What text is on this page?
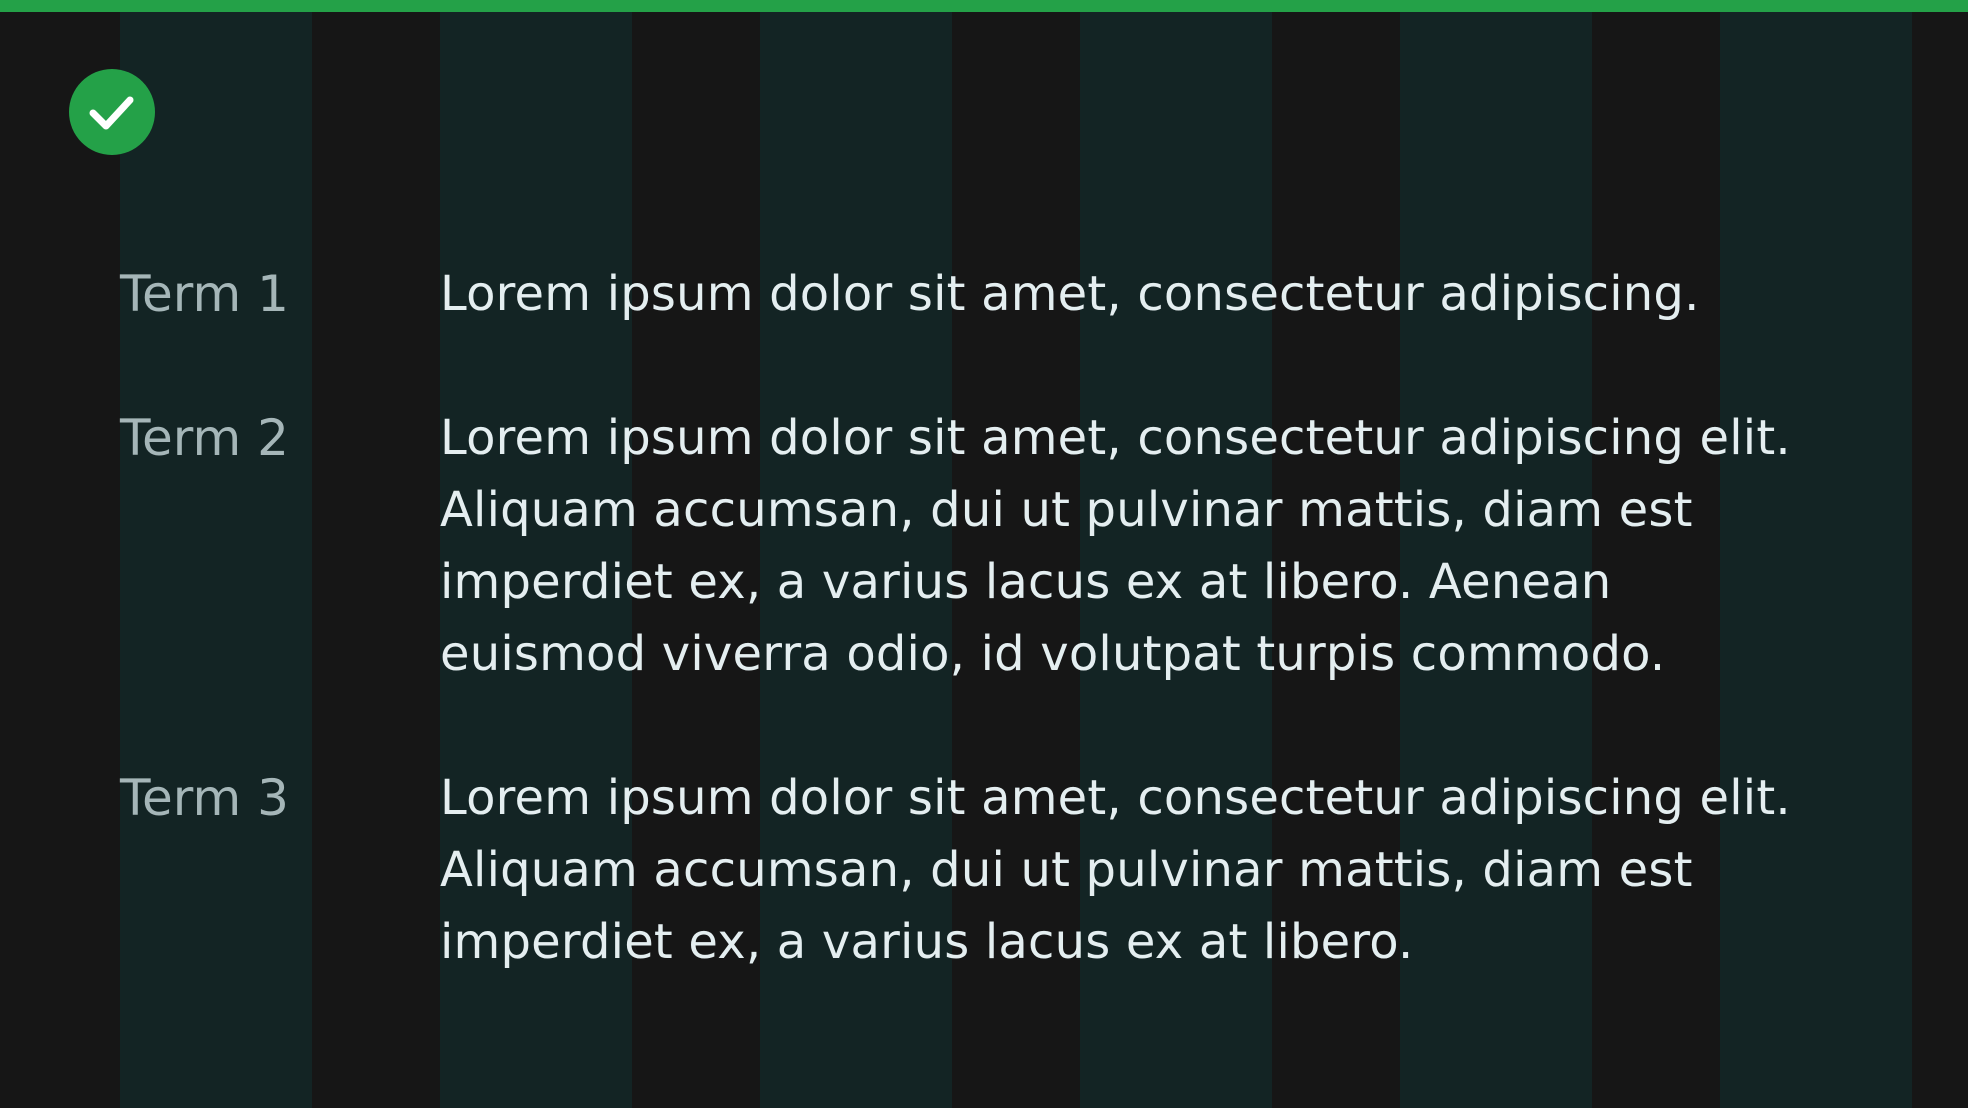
Term 1	Lorem ipsum dolor sit amet, consectetur adipiscing.

Term 2	Lorem ipsum dolor sit amet, consectetur adipiscing elit. Aliquam accumsan, dui ut pulvinar mattis, diam est imperdiet ex, a varius lacus ex at libero. Aenean euismod viverra odio, id volutpat turpis commodo.

Term 3	Lorem ipsum dolor sit amet, consectetur adipiscing elit. Aliquam accumsan, dui ut pulvinar mattis, diam est imperdiet ex, a varius lacus ex at libero.
